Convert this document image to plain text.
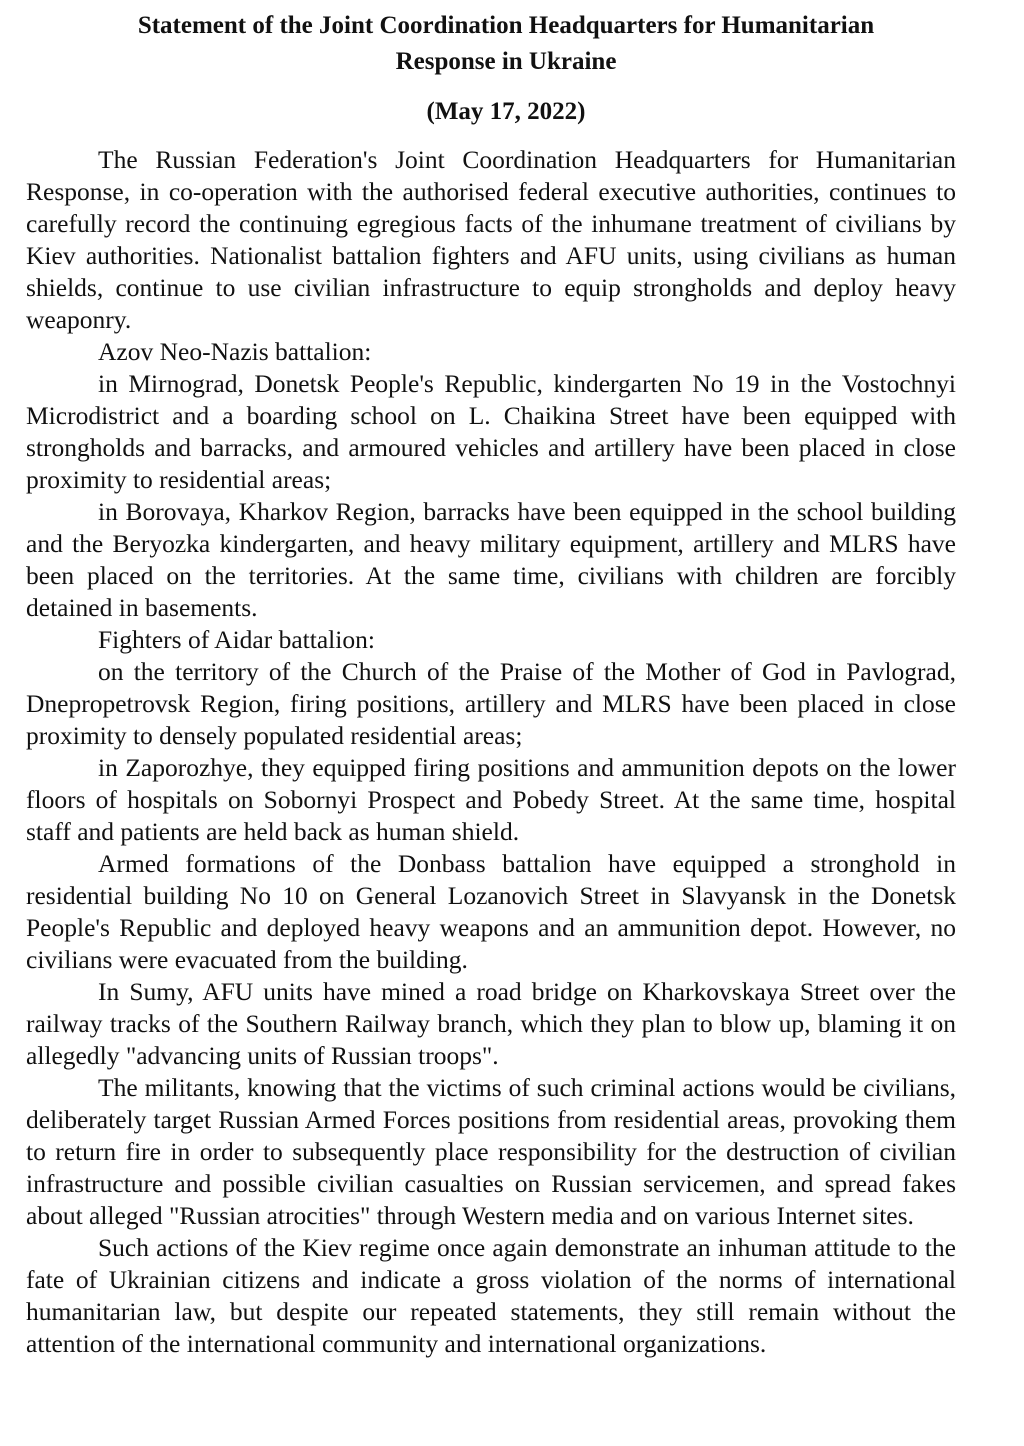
Statement of the Joint Coordination Headquarters for Humanitarian
Response in Ukraine
(May 17, 2022)

The Russian Federation's Joint Coordination Headquarters for Humanitarian Response, in co-operation with the authorised federal executive authorities, continues to carefully record the continuing egregious facts of the inhumane treatment of civilians by Kiev authorities. Nationalist battalion fighters and AFU units, using civilians as human shields, continue to use civilian infrastructure to equip strongholds and deploy heavy weaponry.

Azov Neo-Nazis battalion:

in Mirnograd, Donetsk People's Republic, kindergarten No 19 in the Vostochnyi Microdistrict and a boarding school on L. Chaikina Street have been equipped with strongholds and barracks, and armoured vehicles and artillery have been placed in close proximity to residential areas;

in Borovaya, Kharkov Region, barracks have been equipped in the school building and the Beryozka kindergarten, and heavy military equipment, artillery and MLRS have been placed on the territories. At the same time, civilians with children are forcibly detained in basements.

Fighters of Aidar battalion:

on the territory of the Church of the Praise of the Mother of God in Pavlograd, Dnepropetrovsk Region, firing positions, artillery and MLRS have been placed in close proximity to densely populated residential areas;

in Zaporozhye, they equipped firing positions and ammunition depots on the lower floors of hospitals on Sobornyi Prospect and Pobedy Street. At the same time, hospital staff and patients are held back as human shield.

Armed formations of the Donbass battalion have equipped a stronghold in residential building No 10 on General Lozanovich Street in Slavyansk in the Donetsk People's Republic and deployed heavy weapons and an ammunition depot. However, no civilians were evacuated from the building.

In Sumy, AFU units have mined a road bridge on Kharkovskaya Street over the railway tracks of the Southern Railway branch, which they plan to blow up, blaming it on allegedly "advancing units of Russian troops".

The militants, knowing that the victims of such criminal actions would be civilians, deliberately target Russian Armed Forces positions from residential areas, provoking them to return fire in order to subsequently place responsibility for the destruction of civilian infrastructure and possible civilian casualties on Russian servicemen, and spread fakes about alleged "Russian atrocities" through Western media and on various Internet sites.

Such actions of the Kiev regime once again demonstrate an inhuman attitude to the fate of Ukrainian citizens and indicate a gross violation of the norms of international humanitarian law, but despite our repeated statements, they still remain without the attention of the international community and international organizations.
